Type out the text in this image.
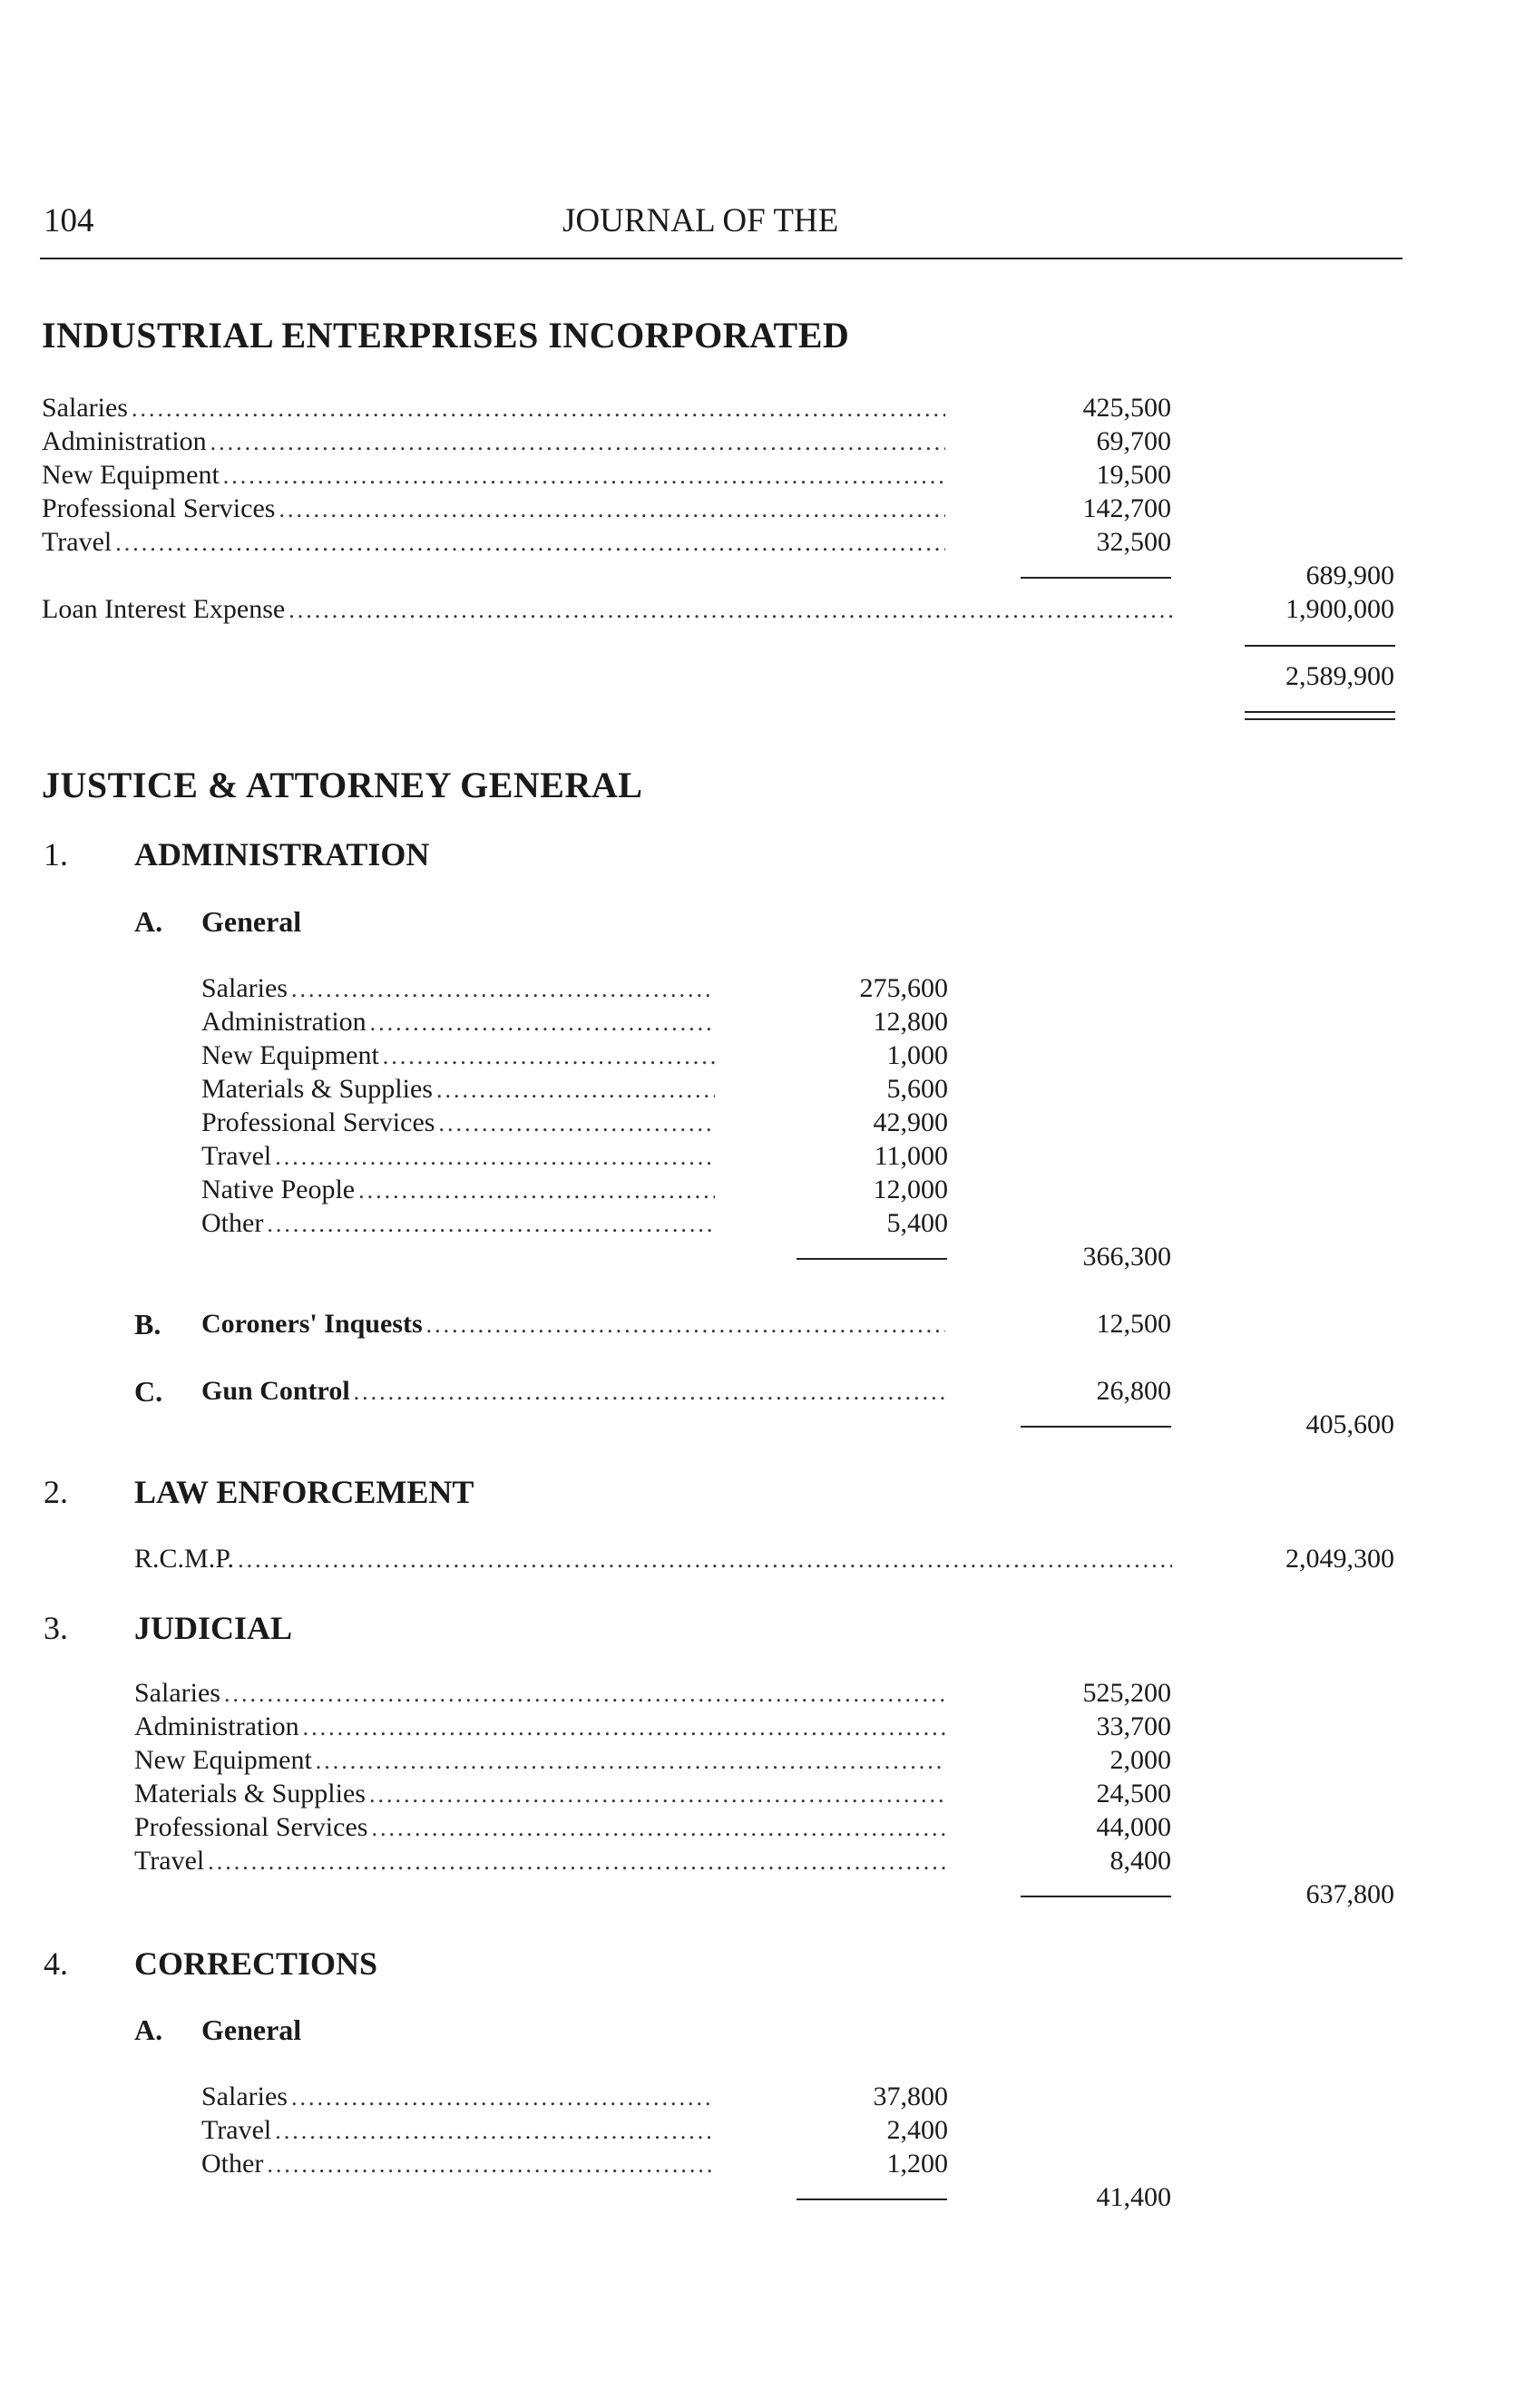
104	JOURNAL OF THE
INDUSTRIAL ENTERPRISES INCORPORATED
Salaries .....	425,500
Administration .....	69,700
New Equipment .....	19,500
Professional Services .....	142,700
Travel .....	32,500
689,900
Loan Interest Expense .....	1,900,000
2,589,900
JUSTICE & ATTORNEY GENERAL
1. ADMINISTRATION
A. General
Salaries .....	275,600
Administration .....	12,800
New Equipment .....	1,000
Materials & Supplies .....	5,600
Professional Services .....	42,900
Travel .....	11,000
Native People .....	12,000
Other .....	5,400
366,300
B. Coroners' Inquests .....	12,500
C. Gun Control .....	26,800
405,600
2. LAW ENFORCEMENT
R.C.M.P. .....	2,049,300
3. JUDICIAL
Salaries .....	525,200
Administration .....	33,700
New Equipment .....	2,000
Materials & Supplies .....	24,500
Professional Services .....	44,000
Travel .....	8,400
637,800
4. CORRECTIONS
A. General
Salaries .....	37,800
Travel .....	2,400
Other .....	1,200
41,400
